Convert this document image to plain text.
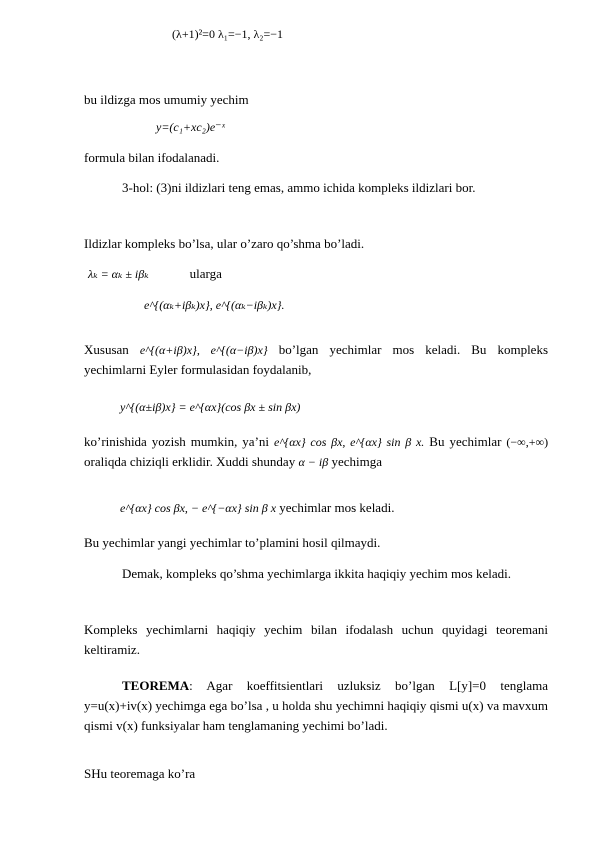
(λ+1)²=0 λ₁=−1, λ₂=−1
bu ildizga mos umumiy yechim
y=(c₁+xc₂)e⁻ˣ
formula bilan ifodalanadi.
3-hol: (3)ni ildizlari teng emas, ammo ichida kompleks ildizlari bor.
Ildizlar kompleks bo’lsa, ular o’zaro qo’shma bo’ladi.
λₖ = αₖ ± iβₖ	ularga
e^{(αₖ+iβₖ)x}, e^{(αₖ−iβₖ)x}.
Xususan e^{(α+iβ)x}, e^{(α−iβ)x} bo’lgan yechimlar mos keladi. Bu kompleks yechimlarni Eyler formulasidan foydalanib,
y^{(α±iβ)x} = e^{αx}(cos βx ± sin βx)
ko’rinishida yozish mumkin, ya’ni e^{αx} cos βx, e^{αx} sin β x. Bu yechimlar (−∞,+∞) oraliqda chiziqli erklidir. Xuddi shunday α − iβ yechimga
e^{αx} cos βx, − e^{−αx} sin β x yechimlar mos keladi.
Bu yechimlar yangi yechimlar to’plamini hosil qilmaydi.
Demak, kompleks qo’shma yechimlarga ikkita haqiqiy yechim mos keladi.
Kompleks yechimlarni haqiqiy yechim bilan ifodalash uchun quyidagi teoremani keltiramiz.
TEOREMA: Agar koeffitsientlari uzluksiz bo’lgan L[y]=0 tenglama y=u(x)+iv(x) yechimga ega bo’lsa , u holda shu yechimni haqiqiy qismi u(x) va mavxum qismi v(x) funksiyalar ham tenglamaning yechimi bo’ladi.
SHu teoremaga ko’ra
